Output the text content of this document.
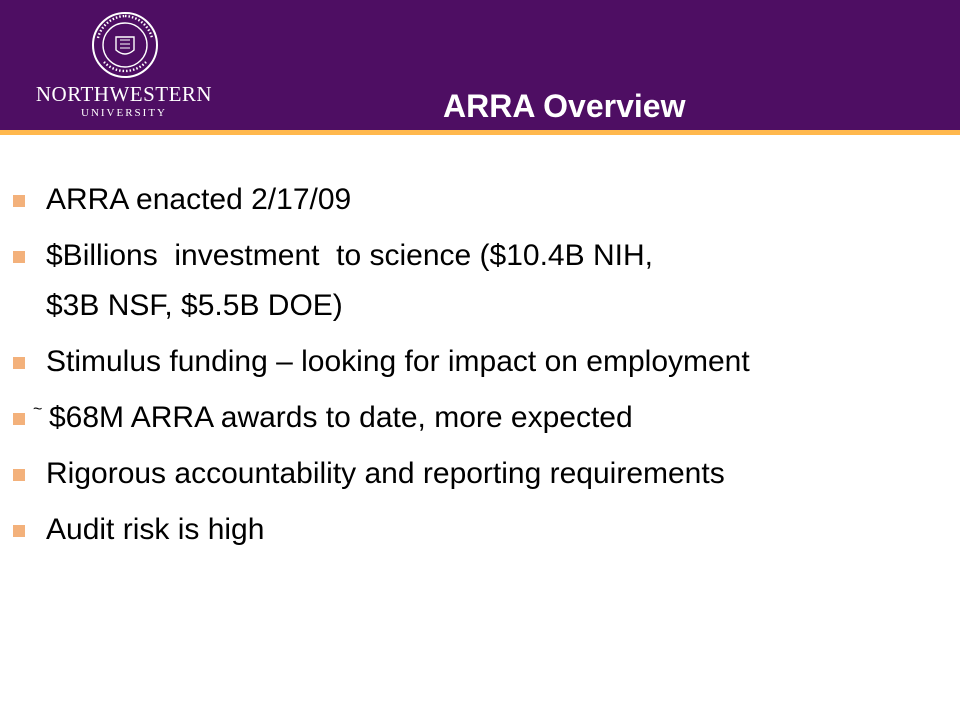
NORTHWESTERN
UNIVERSITY	ARRA Overview
ARRA enacted 2/17/09
$Billions  investment  to science ($10.4B NIH,
$3B NSF, $5.5B DOE)
Stimulus funding – looking for impact on employment
~ $68M ARRA awards to date, more expected
Rigorous accountability and reporting requirements
Audit risk is high
